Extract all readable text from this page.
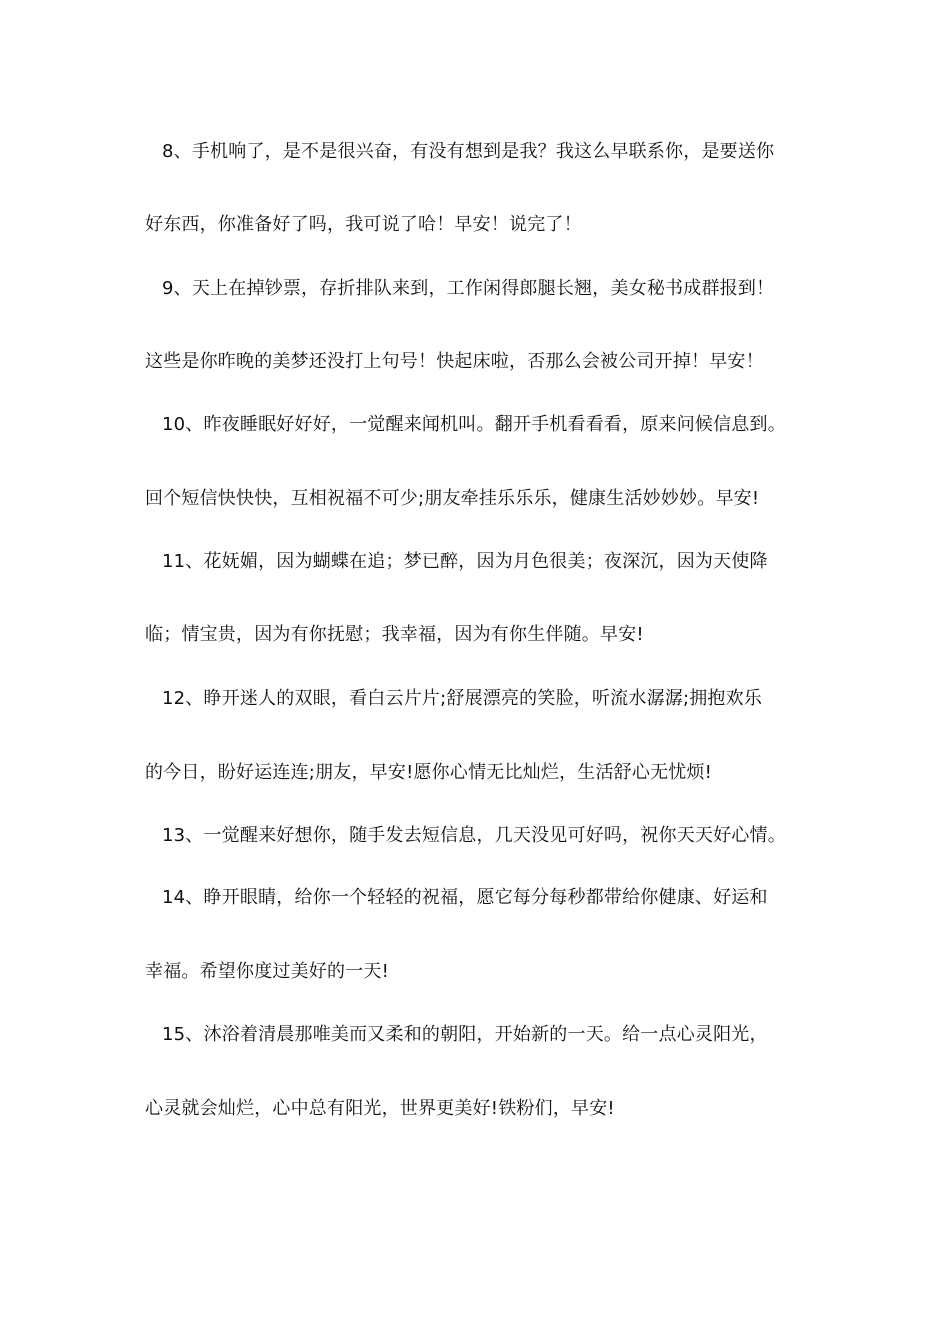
8、手机响了，是不是很兴奋，有没有想到是我？我这么早联系你，是要送你
好东西，你准备好了吗，我可说了哈！早安！说完了！
9、天上在掉钞票，存折排队来到，工作闲得郎腿长翘，美女秘书成群报到！
这些是你昨晚的美梦还没打上句号！快起床啦，否那么会被公司开掉！早安！
10、昨夜睡眠好好好，一觉醒来闻机叫。翻开手机看看看，原来问候信息到。
回个短信快快快，互相祝福不可少;朋友牵挂乐乐乐，健康生活妙妙妙。早安!
11、花妩媚，因为蝴蝶在追；梦已醉，因为月色很美；夜深沉，因为天使降
临；情宝贵，因为有你抚慰；我幸福，因为有你生伴随。早安!
12、睁开迷人的双眼，看白云片片;舒展漂亮的笑脸，听流水潺潺;拥抱欢乐
的今日，盼好运连连;朋友，早安!愿你心情无比灿烂，生活舒心无忧烦!
13、一觉醒来好想你，随手发去短信息，几天没见可好吗，祝你天天好心情。
14、睁开眼睛，给你一个轻轻的祝福，愿它每分每秒都带给你健康、好运和
幸福。希望你度过美好的一天!
15、沐浴着清晨那唯美而又柔和的朝阳，开始新的一天。给一点心灵阳光，
心灵就会灿烂，心中总有阳光，世界更美好!铁粉们，早安!
